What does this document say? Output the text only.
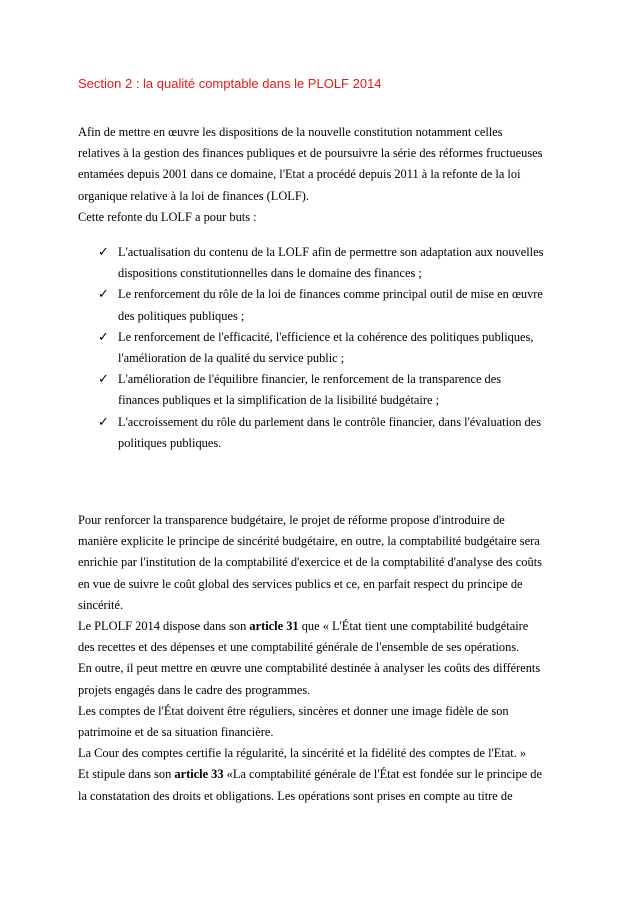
Section 2 : la qualité comptable dans le PLOLF 2014
Afin de mettre en œuvre les dispositions de la nouvelle constitution notamment celles
relatives à la gestion des finances publiques et de poursuivre la série des réformes fructueuses
entamées depuis 2001 dans ce domaine, l'Etat a procédé depuis 2011 à la refonte de la loi
organique relative à la loi de finances (LOLF).
Cette refonte du LOLF a pour buts :
✓ L'actualisation du contenu de la LOLF afin de permettre son adaptation aux nouvelles
dispositions constitutionnelles dans le domaine des finances ;
✓ Le renforcement du rôle de la loi de finances comme principal outil de mise en œuvre
des politiques publiques ;
✓ Le renforcement de l'efficacité, l'efficience et la cohérence des politiques publiques,
l'amélioration de la qualité du service public ;
✓ L'amélioration de l'équilibre financier, le renforcement de la transparence des
finances publiques et la simplification de la lisibilité budgétaire ;
✓ L'accroissement du rôle du parlement dans le contrôle financier, dans l'évaluation des
politiques publiques.
Pour renforcer la transparence budgétaire, le projet de réforme propose d'introduire de
manière explicite le principe de sincérité budgétaire, en outre, la comptabilité budgétaire sera
enrichie par l'institution de la comptabilité d'exercice et de la comptabilité d'analyse des coûts
en vue de suivre le coût global des services publics et ce, en parfait respect du principe de
sincérité.
Le PLOLF 2014 dispose dans son article 31 que « L'État tient une comptabilité budgétaire
des recettes et des dépenses et une comptabilité générale de l'ensemble de ses opérations.
En outre, il peut mettre en œuvre une comptabilité destinée à analyser les coûts des différents
projets engagés dans le cadre des programmes.
Les comptes de l'État doivent être réguliers, sincères et donner une image fidèle de son
patrimoine et de sa situation financière.
La Cour des comptes certifie la régularité, la sincérité et la fidélité des comptes de l'Etat. »
Et stipule dans son article 33 «La comptabilité générale de l'État est fondée sur le principe de
la constatation des droits et obligations. Les opérations sont prises en compte au titre de
